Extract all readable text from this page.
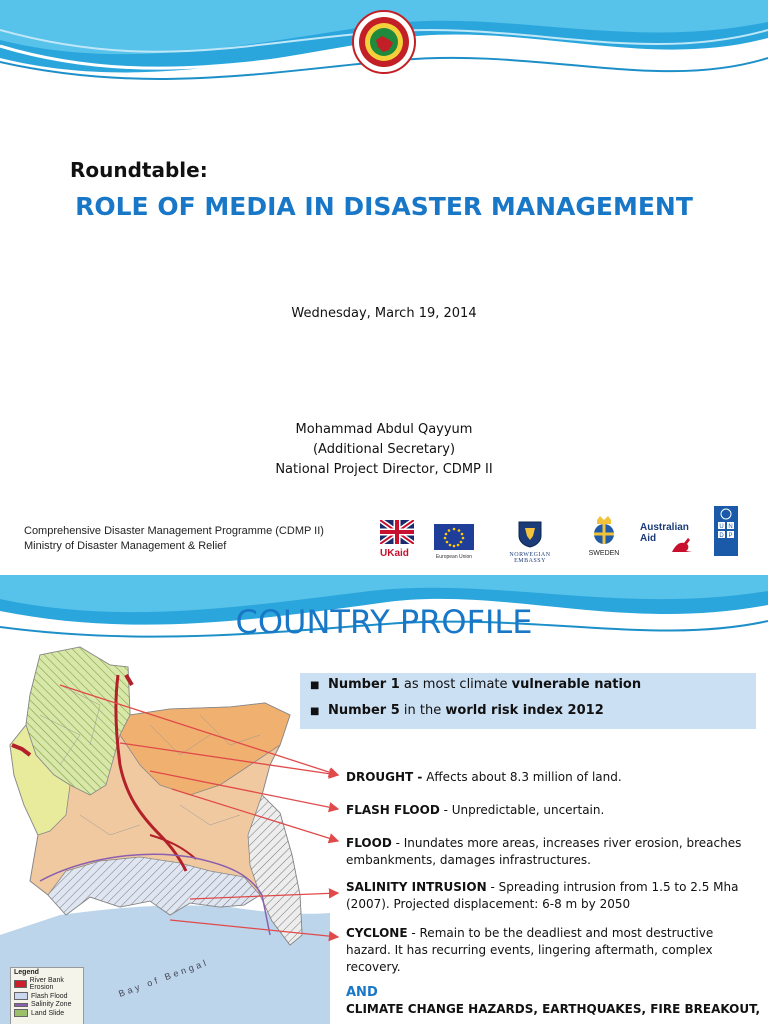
Roundtable:
ROLE OF MEDIA IN DISASTER MANAGEMENT
Wednesday, March 19, 2014
Mohammad Abdul Qayyum
(Additional Secretary)
National Project Director, CDMP II
Comprehensive Disaster Management Programme (CDMP II)
Ministry of Disaster Management & Relief
UKaid	European Union	NORWEGIAN EMBASSY
SWEDEN
Australian
Aid
U N
D P
COUNTRY PROFILE
Bay of Bengal
Legend
River Bank Erosion
Flash Flood
Salinity Zone
Land Slide
■ Number 1 as most climate vulnerable nation
■ Number 5 in the world risk index 2012
DROUGHT - Affects about 8.3 million of land.
FLASH FLOOD - Unpredictable, uncertain.
FLOOD - Inundates more areas, increases river erosion, breaches embankments, damages infrastructures.
SALINITY INTRUSION - Spreading intrusion from 1.5 to 2.5 Mha (2007). Projected displacement: 6-8 m by 2050
CYCLONE - Remain to be the deadliest and most destructive hazard. It has recurring events, lingering aftermath, complex recovery.
AND
CLIMATE CHANGE HAZARDS, EARTHQUAKES, FIRE BREAKOUT,
